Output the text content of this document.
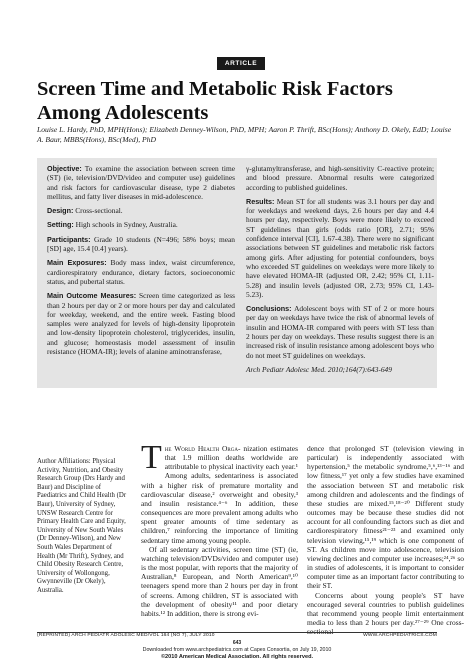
ARTICLE
Screen Time and Metabolic Risk Factors Among Adolescents
Louise L. Hardy, PhD, MPH(Hons); Elizabeth Denney-Wilson, PhD, MPH; Aaron P. Thrift, BSc(Hons); Anthony D. Okely, EdD; Louise A. Baur, MBBS(Hons), BSc(Med), PhD

Objective: To examine the association between screen time (ST) (ie, television/DVD/video and computer use) guidelines and risk factors for cardiovascular disease, type 2 diabetes mellitus, and fatty liver diseases in mid-adolescence.

Design: Cross-sectional.

Setting: High schools in Sydney, Australia.

Participants: Grade 10 students (N=496; 58% boys; mean [SD] age, 15.4 [0.4] years).

Main Exposures: Body mass index, waist circumference, cardiorespiratory endurance, dietary factors, socioeconomic status, and pubertal status.

Main Outcome Measures: Screen time categorized as less than 2 hours per day or 2 or more hours per day and calculated for weekday, weekend, and the entire week. Fasting blood samples were analyzed for levels of high-density lipoprotein and low-density lipoprotein cholesterol, triglycerides, insulin, and glucose; homeostasis model assessment of insulin resistance (HOMA-IR); levels of alanine aminotransferase,

γ-glutamyltransferase, and high-sensitivity C-reactive protein; and blood pressure. Abnormal results were categorized according to published guidelines.

Results: Mean ST for all students was 3.1 hours per day and for weekdays and weekend days, 2.6 hours per day and 4.4 hours per day, respectively. Boys were more likely to exceed ST guidelines than girls (odds ratio [OR], 2.71; 95% confidence interval [CI], 1.67-4.38). There were no significant associations between ST guidelines and metabolic risk factors among girls. After adjusting for potential confounders, boys who exceeded ST guidelines on weekdays were more likely to have elevated HOMA-IR (adjusted OR, 2.42; 95% CI, 1.11-5.28) and insulin levels (adjusted OR, 2.73; 95% CI, 1.43-5.23).

Conclusions: Adolescent boys with ST of 2 or more hours per day on weekdays have twice the risk of abnormal levels of insulin and HOMA-IR compared with peers with ST less than 2 hours per day on weekdays. These results suggest there is an increased risk of insulin resistance among adolescent boys who do not meet ST guidelines on weekdays.

Arch Pediatr Adolesc Med. 2010;164(7):643-649

Author Affiliations: Physical Activity, Nutrition, and Obesity Research Group (Drs Hardy and Baur) and Discipline of Paediatrics and Child Health (Dr Baur), University of Sydney, UNSW Research Centre for Primary Health Care and Equity, University of New South Wales (Dr Denney-Wilson), and New South Wales Department of Health (Mr Thrift), Sydney, and Child Obesity Research Centre, University of Wollongong, Gwynneville (Dr Okely), Australia.

The World Health Orga- nization estimates that 1.9 million deaths worldwide are attributable to physical inactivity each year.¹ Among adults, sedentariness is associated with a higher risk of premature mortality and cardiovascular disease,² overweight and obesity,³ and insulin resistance.⁴⁻⁶ In addition, these consequences are more prevalent among adults who spent greater amounts of time sedentary as children,⁷ reinforcing the importance of limiting sedentary time among young people.

Of all sedentary activities, screen time (ST) (ie, watching television/DVDs/video and computer use) is the most popular, with reports that the majority of Australian,⁸ European, and North American⁹,¹⁰ teenagers spend more than 2 hours per day in front of screens. Among children, ST is associated with the development of obesity¹¹ and poor dietary habits.¹² In addition, there is strong evi-

dence that prolonged ST (television viewing in particular) is independently associated with hypertension,⁵ the metabolic syndrome,⁵,⁶,¹³⁻¹⁶ and low fitness,¹⁷ yet only a few studies have examined the association between ST and metabolic risk among children and adolescents and the findings of these studies are mixed.¹⁵,¹⁸⁻²⁰ Different study outcomes may be because these studies did not account for all confounding factors such as diet and cardiorespiratory fitness²¹⁻²³ and examined only television viewing,¹⁵,¹⁹ which is one component of ST. As children move into adolescence, television viewing declines and computer use increases;²⁴,²⁶ so in studies of adolescents, it is important to consider computer time as an important factor contributing to their ST.

Concerns about young people's ST have encouraged several countries to publish guidelines that recommend young people limit entertainment media to less than 2 hours per day.²⁷⁻²⁹ One cross-sectional

(REPRINTED) ARCH PEDIATR ADOLESC MED/VOL 164 (NO 7), JULY 2010	WWW.ARCHPEDIATRICS.COM
643
Downloaded from www.archpediatrics.com at Capes Consortia, on July 19, 2010
©2010 American Medical Association. All rights reserved.
